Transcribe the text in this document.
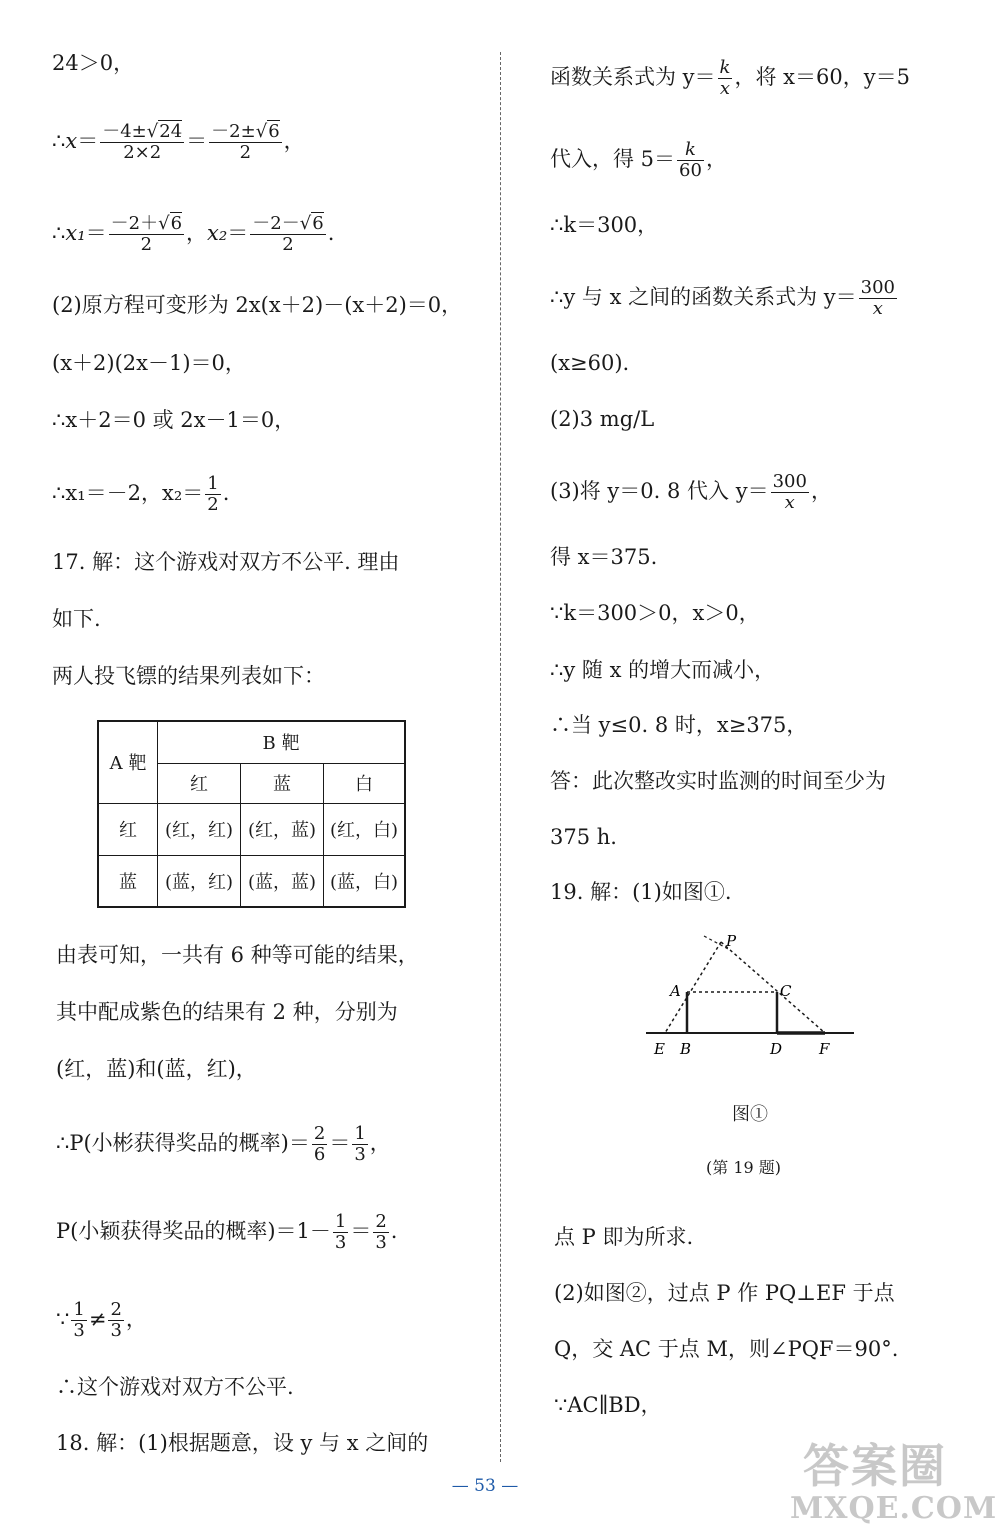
24＞0，
∴x＝ $\frac{-4\pm√24}{2\times 2} = \frac{-2\pm√6}{2}$ ，
∴x₁＝ $\frac{-2+√6}{2}$ ，$x_2= \frac{-2-√6}{2}$ .
(2)原方程可变形为 2x(x＋2)－(x＋2)＝0，
(x＋2)(2x－1)＝0，
∴x＋2＝0 或 2x－1＝0，
∴x₁＝－2，$x_2= \frac{1}{2}$ .
17. 解：这个游戏对双方不公平. 理由
如下.
两人投飞镖的结果列表如下：
A 靶	B 靶		
	红	蓝	白
红	(红，红)	(红，蓝)	(红，白)
蓝	(蓝，红)	(蓝，蓝)	(蓝，白)
由表可知，一共有 6 种等可能的结果，
其中配成紫色的结果有 2 种，分别为
(红，蓝)和(蓝，红)，
∴P(小彬获得奖品的概率)＝ $\frac{2}{6} = \frac{1}{3}$ ，
P(小颖获得奖品的概率)$=1- \frac{1}{3} = \frac{2}{3}$ .
∵ $\frac{1}{3} \ne \frac{2}{3}$ ，
∴这个游戏对双方不公平.
18. 解：(1)根据题意，设 y 与 x 之间的
函数关系式为 $y= \frac{k}{x}$ ，将 x＝60，y＝5
代入，得 $5= \frac{k}{60}$ ，
∴k＝300，
∴y 与 x 之间的函数关系式为 $y= \frac{300}{x}$
(x≥60).
(2)3 mg/L
(3)将 y＝0. 8 代入 $y= \frac{300}{x}$ ，
得 x＝375.
∵k＝300＞0，x＞0，
∴y 随 x 的增大而减小，
∴当 y≤0. 8 时，x≥375，
答：此次整改实时监测的时间至少为
375 h.
19. 解：(1)如图①.
P
A	C
E B	D F
图①
(第 19 题)
点 P 即为所求.
(2)如图②，过点 P 作 PQ⊥EF 于点
Q，交 AC 于点 M，则∠PQF＝90°.
∵AC∥BD，
— 53 —	答案圈
MXQE.COM
